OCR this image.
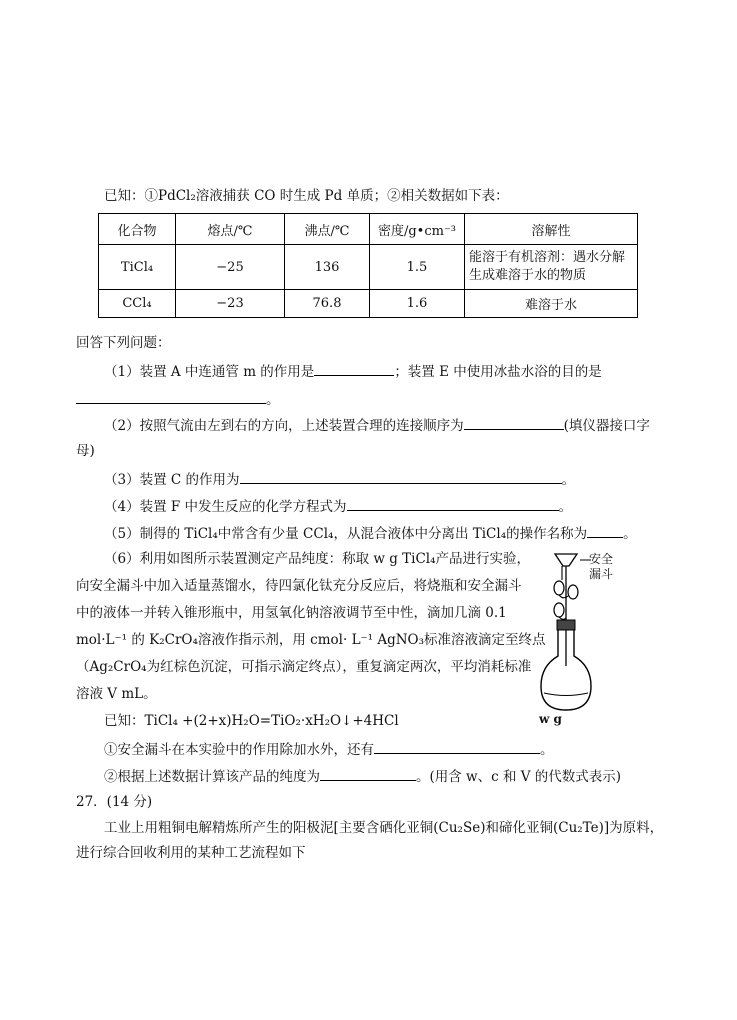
已知：①PdCl₂溶液捕获 CO 时生成 Pd 单质；②相关数据如下表：
化合物	熔点/℃	沸点/℃	密度/g•cm⁻³	溶解性
TiCl₄	−25	136	1.5	能溶于有机溶剂：遇水分解生成难溶于水的物质
CCl₄	−23	76.8	1.6	难溶于水
回答下列问题：
（1）装置 A 中连通管 m 的作用是	；装置 E 中使用冰盐水浴的目的是
。
（2）按照气流由左到右的方向，上述装置合理的连接顺序为	(填仪器接口字
母)
（3）装置 C 的作用为	。
（4）装置 F 中发生反应的化学方程式为	。
（5）制得的 TiCl₄中常含有少量 CCl₄，从混合液体中分离出 TiCl₄的操作名称为	。
（6）利用如图所示装置测定产品纯度：称取 w g TiCl₄产品进行实验，
向安全漏斗中加入适量蒸馏水，待四氯化钛充分反应后，将烧瓶和安全漏斗
中的液体一并转入锥形瓶中，用氢氧化钠溶液调节至中性，滴加几滴 0.1
mol·L⁻¹ 的 K₂CrO₄溶液作指示剂，用 cmol· L⁻¹ AgNO₃标准溶液滴定至终点
（Ag₂CrO₄为红棕色沉淀，可指示滴定终点），重复滴定两次，平均消耗标准
溶液 V mL。
已知：TiCl₄ +(2+x)H₂O=TiO₂·xH₂O↓+4HCl
①安全漏斗在本实验中的作用除加水外，还有	。
②根据上述数据计算该产品的纯度为	。(用含 w、c 和 V 的代数式表示)
27．(14 分)
工业上用粗铜电解精炼所产生的阳极泥[主要含硒化亚铜(Cu₂Se)和碲化亚铜(Cu₂Te)]为原料，
进行综合回收利用的某种工艺流程如下
安全
漏斗
w g
